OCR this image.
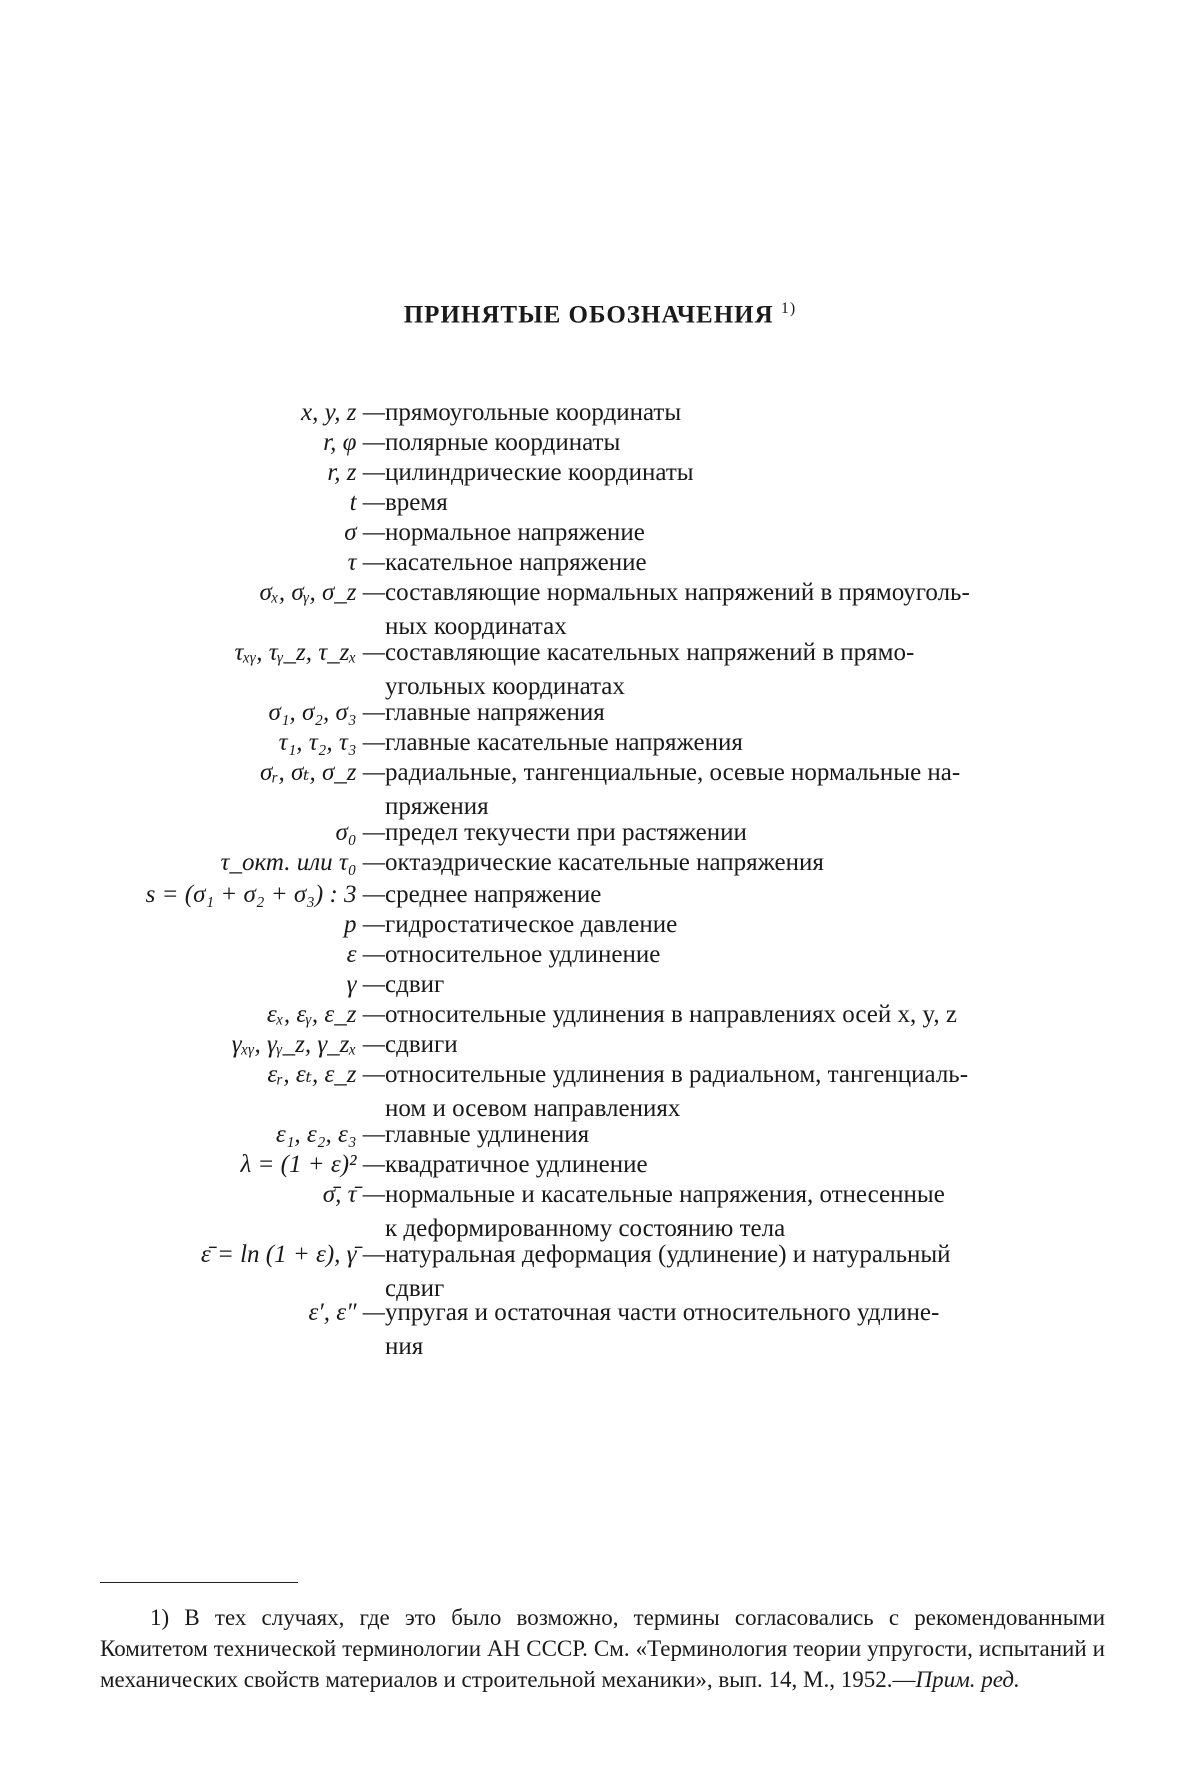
ПРИНЯТЫЕ ОБОЗНАЧЕНИЯ $^{1)}$
x, y, z — прямоугольные координаты
r, φ — полярные координаты
r, z — цилиндрические координаты
t — время
σ — нормальное напряжение
τ — касательное напряжение
σₓ, σᵧ, σ_z — составляющие нормальных напряжений в прямоуголь-
ных координатах
τₓᵧ, τᵧ_z, τ_zₓ — составляющие касательных напряжений в прямо-
угольных координатах
σ₁, σ₂, σ₃ — главные напряжения
τ₁, τ₂, τ₃ — главные касательные напряжения
σᵣ, σₜ, σ_z — радиальные, тангенциальные, осевые нормальные на-
пряжения
σ₀ — предел текучести при растяжении
τ_окт. или τ₀ — октаэдрические касательные напряжения
s = (σ₁ + σ₂ + σ₃) : 3 — среднее напряжение
p — гидростатическое давление
ε — относительное удлинение
γ — сдвиг
εₓ, εᵧ, ε_z — относительные удлинения в направлениях осей x, y, z
γₓᵧ, γᵧ_z, γ_zₓ — сдвиги
εᵣ, εₜ, ε_z — относительные удлинения в радиальном, тангенциаль-
ном и осевом направлениях
ε₁, ε₂, ε₃ — главные удлинения
λ = (1 + ε)² — квадратичное удлинение
σ̄, τ̄ — нормальные и касательные напряжения, отнесенные
к деформированному состоянию тела
ε̄ = ln (1 + ε), γ̄ — натуральная деформация (удлинение) и натуральный
сдвиг
ε′, ε″ — упругая и остаточная части относительного удлине-
ния
1) В тех случаях, где это было возможно, термины согласовались с рекомендованными Комитетом технической терминологии АН СССР. См. «Терминология теории упругости, испытаний и механических свойств материалов и строительной механики», вып. 14, М., 1952.—Прим. ред.
